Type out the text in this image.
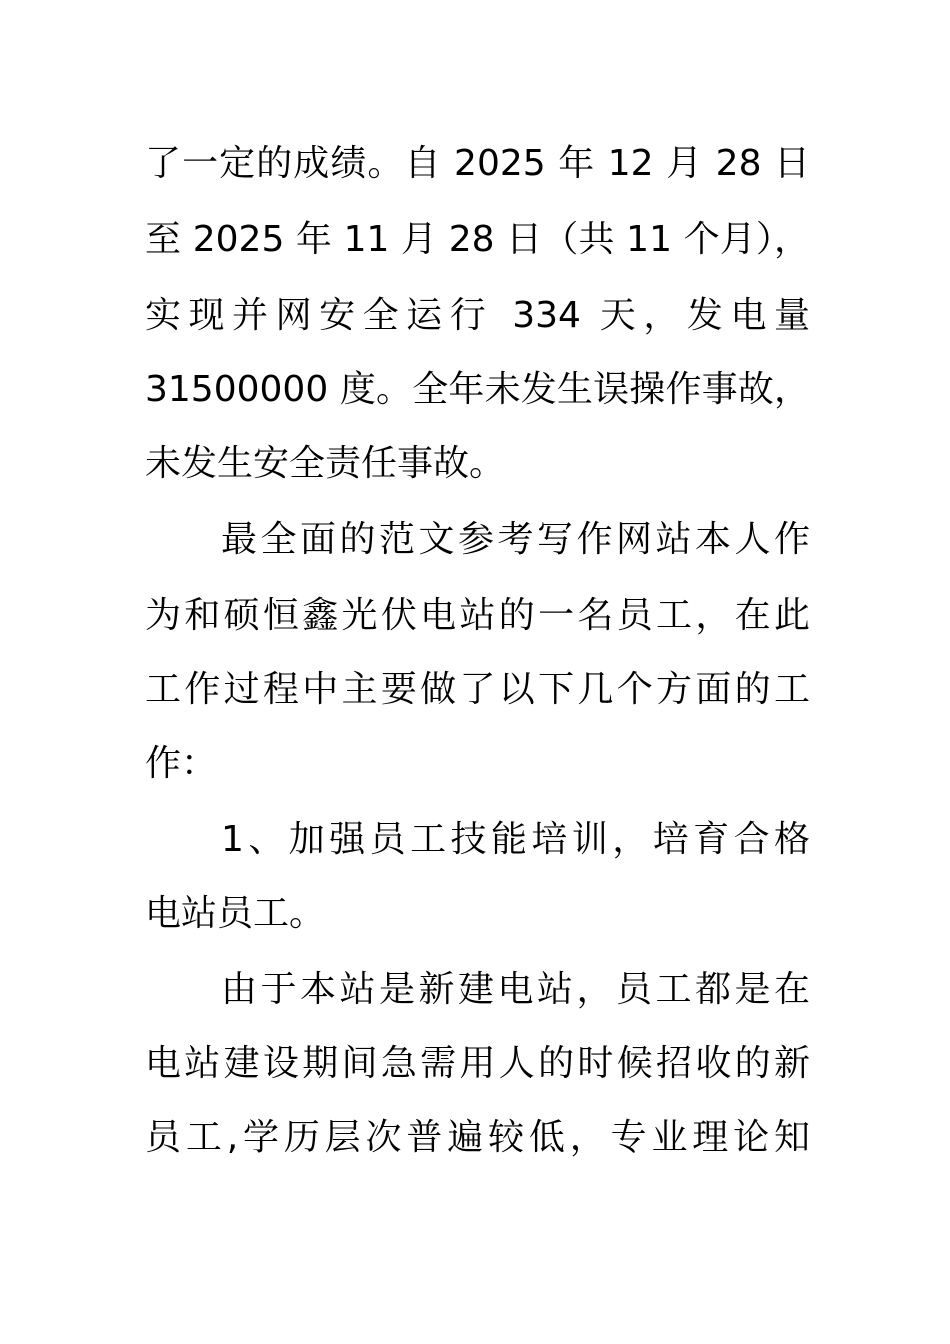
了一定的成绩。自 2025 年 12 月 28 日
至 2025 年 11 月 28 日（共 11 个月），
实现并网安全运行 334 天，发电量
31500000 度。全年未发生误操作事故，
未发生安全责任事故。
最全面的范文参考写作网站本人作
为和硕恒鑫光伏电站的一名员工，在此
工作过程中主要做了以下几个方面的工
作：
1、加强员工技能培训，培育合格
电站员工。
由于本站是新建电站，员工都是在
电站建设期间急需用人的时候招收的新
员工,学历层次普遍较低，专业理论知
